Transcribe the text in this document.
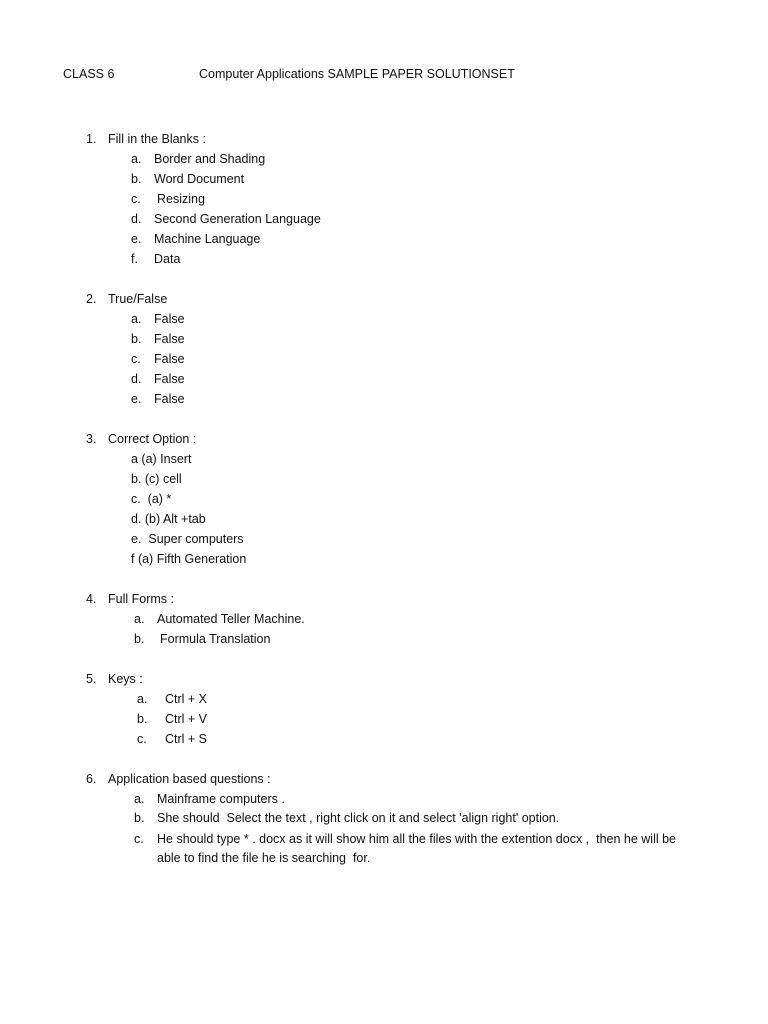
CLASS 6	Computer Applications SAMPLE PAPER SOLUTIONSET
1. Fill in the Blanks :
a. Border and Shading
b. Word Document
c. Resizing
d. Second Generation Language
e. Machine Language
f. Data
2. True/False
a. False
b. False
c. False
d. False
e. False
3. Correct Option :
a (a) Insert
b. (c) cell
c.  (a) *
d. (b) Alt +tab
e.  Super computers
f (a) Fifth Generation
4. Full Forms :
a. Automated Teller Machine.
b. Formula Translation
5. Keys :
a. Ctrl + X
b. Ctrl + V
c. Ctrl + S
6. Application based questions :
a. Mainframe computers .
b. She should  Select the text , right click on it and select 'align right' option.
c. He should type * . docx as it will show him all the files with the extention docx ,  then he will be
able to find the file he is searching  for.
